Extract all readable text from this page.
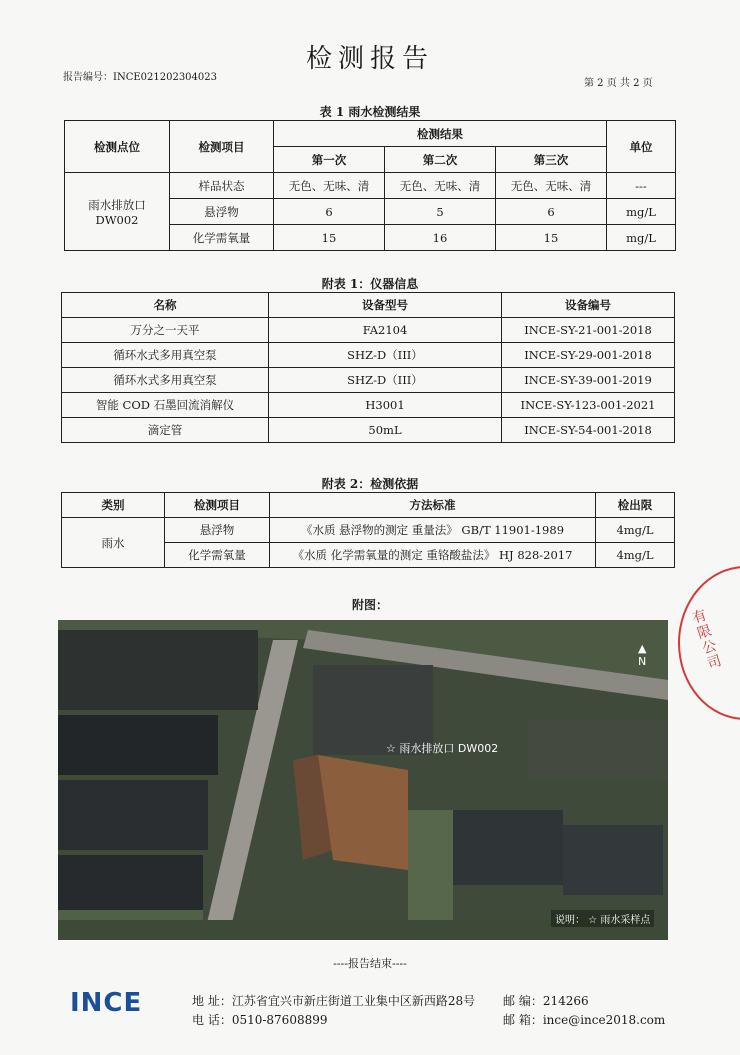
检测报告
报告编号：INCE021202304023
第 2 页 共 2 页
表 1 雨水检测结果
检测点位	检测项目	检测结果			单位
		第一次	第二次	第三次	

雨水排放口
DW002	样品状态	无色、无味、清	无色、无味、清	无色、无味、清	---
	悬浮物	6	5	6	mg/L
	化学需氧量	15	16	15	mg/L
附表 1：仪器信息
名称	设备型号	设备编号
万分之一天平	FA2104	INCE-SY-21-001-2018
循环水式多用真空泵	SHZ-D（III）	INCE-SY-29-001-2018
循环水式多用真空泵	SHZ-D（III）	INCE-SY-39-001-2019
智能 COD 石墨回流消解仪	H3001	INCE-SY-123-001-2021
滴定管	50mL	INCE-SY-54-001-2018
附表 2：检测依据
类别	检测项目	方法标准	检出限
雨水	悬浮物	《水质 悬浮物的测定 重量法》 GB/T 11901-1989	4mg/L
	化学需氧量	《水质 化学需氧量的测定 重铬酸盐法》 HJ 828-2017	4mg/L
附图：
☆ 雨水排放口 DW002
说明： ☆ 雨水采样点
▲
N
----报告结束----
INCE	地 址：江苏省宜兴市新庄街道工业集中区新西路28号 邮 编：214266
电 话：0510-87608899	邮 箱：ince@ince2018.com
有限公司
